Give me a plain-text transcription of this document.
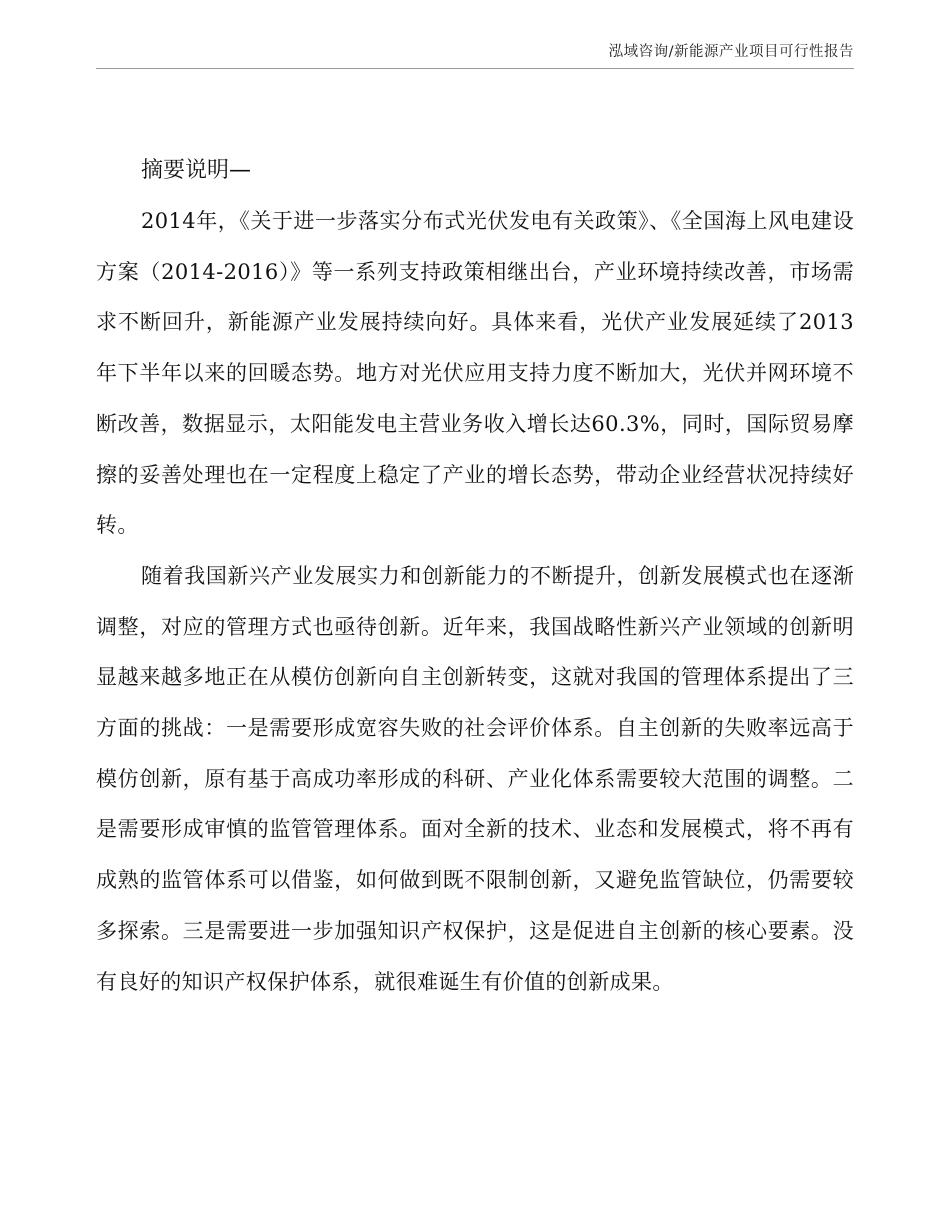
泓域咨询/新能源产业项目可行性报告
摘要说明—

2014年，《关于进一步落实分布式光伏发电有关政策》、《全国海上风电建设方案（2014-2016）》等一系列支持政策相继出台，产业环境持续改善，市场需求不断回升，新能源产业发展持续向好。具体来看，光伏产业发展延续了2013年下半年以来的回暖态势。地方对光伏应用支持力度不断加大，光伏并网环境不断改善，数据显示，太阳能发电主营业务收入增长达60.3%，同时，国际贸易摩擦的妥善处理也在一定程度上稳定了产业的增长态势，带动企业经营状况持续好转。

随着我国新兴产业发展实力和创新能力的不断提升，创新发展模式也在逐渐调整，对应的管理方式也亟待创新。近年来，我国战略性新兴产业领域的创新明显越来越多地正在从模仿创新向自主创新转变，这就对我国的管理体系提出了三方面的挑战：一是需要形成宽容失败的社会评价体系。自主创新的失败率远高于模仿创新，原有基于高成功率形成的科研、产业化体系需要较大范围的调整。二是需要形成审慎的监管管理体系。面对全新的技术、业态和发展模式，将不再有成熟的监管体系可以借鉴，如何做到既不限制创新，又避免监管缺位，仍需要较多探索。三是需要进一步加强知识产权保护，这是促进自主创新的核心要素。没有良好的知识产权保护体系，就很难诞生有价值的创新成果。
